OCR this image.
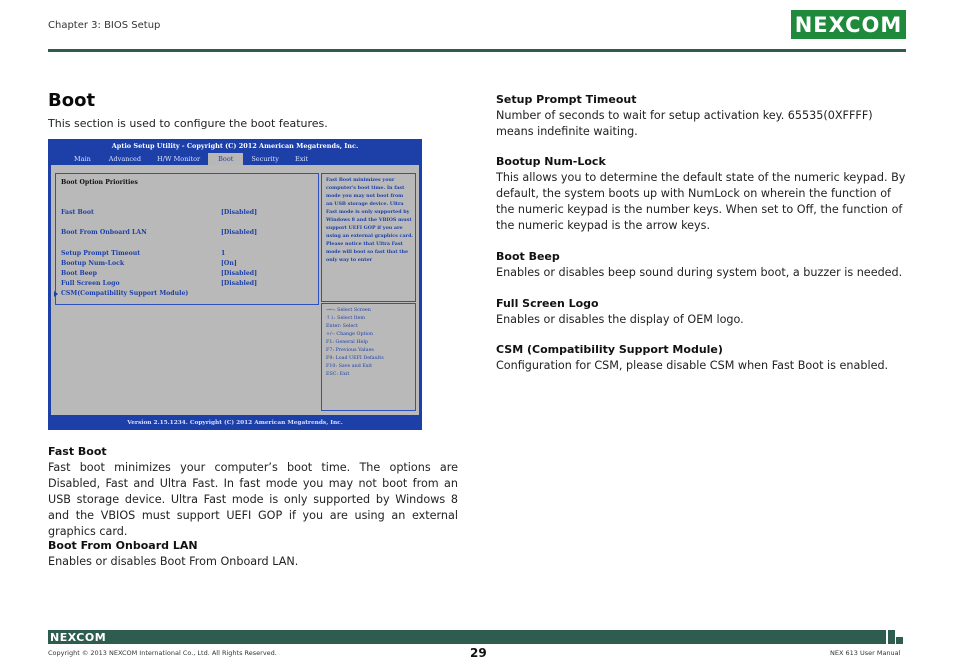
Chapter 3: BIOS Setup	NEXCOM
Boot
This section is used to configure the boot features.
Aptio Setup Utility - Copyright (C) 2012 American Megatrends, Inc.
Main	Advanced	H/W Monitor	Boot	Security	Exit
Boot Option Priorities
Fast Boot	[Disabled]
Boot From Onboard LAN	[Disabled]
Setup Prompt Timeout	1
Bootup Num-Lock	[On]
Boot Beep	[Disabled]
Full Screen Logo	[Disabled]
CSM(Compatibility Support Module)
Fast Boot minimizes your
computer's boot time. In fast
mode you may not boot from
an USB storage device. Ultra
Fast mode is only supported by
Windows 8 and the VBIOS must
support UEFI GOP if you are
using an external graphics card.
Please notice that Ultra Fast
mode will boot so fast that the
only way to enter
→←: Select Screen
↑↓: Select Item
Enter: Select
+/-: Change Option
F1: General Help
F7: Previous Values
F9: Load UEFI Defaults
F10: Save and Exit
ESC: Exit
Version 2.15.1234. Copyright (C) 2012 American Megatrends, Inc.
Fast Boot
Fast boot minimizes your computer’s boot time. The options are Disabled, Fast and Ultra Fast. In fast mode you may not boot from an USB storage device. Ultra Fast mode is only supported by Windows 8 and the VBIOS must support UEFI GOP if you are using an external graphics card.
Boot From Onboard LAN
Enables or disables Boot From Onboard LAN.
Setup Prompt Timeout
Number of seconds to wait for setup activation key. 65535(0XFFFF) means indefinite waiting.
Bootup Num-Lock
This allows you to determine the default state of the numeric keypad. By default, the system boots up with NumLock on wherein the function of the numeric keypad is the number keys. When set to Off, the function of the numeric keypad is the arrow keys.
Boot Beep
Enables or disables beep sound during system boot, a buzzer is needed.
Full Screen Logo
Enables or disables the display of OEM logo.
CSM (Compatibility Support Module)
Configuration for CSM, please disable CSM when Fast Boot is enabled.
NEXCOM
Copyright © 2013 NEXCOM International Co., Ltd. All Rights Reserved.	29	NEX 613 User Manual
